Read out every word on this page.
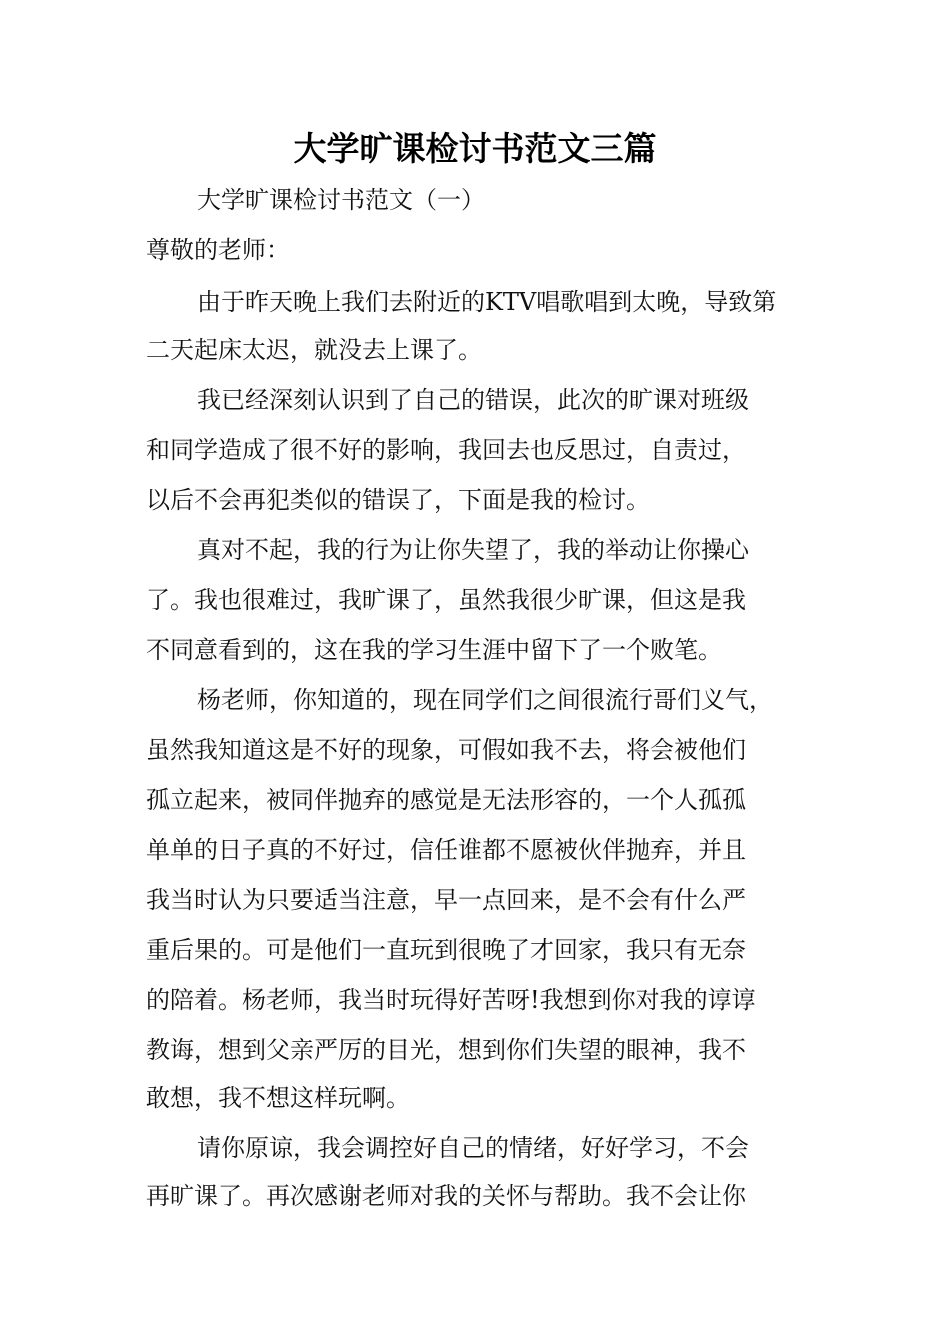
大学旷课检讨书范文三篇

大学旷课检讨书范文（一）

尊敬的老师：

由于昨天晚上我们去附近的KTV唱歌唱到太晚，导致第

二天起床太迟，就没去上课了。

我已经深刻认识到了自己的错误，此次的旷课对班级

和同学造成了很不好的影响，我回去也反思过，自责过，

以后不会再犯类似的错误了，下面是我的检讨。

真对不起，我的行为让你失望了，我的举动让你操心

了。我也很难过，我旷课了，虽然我很少旷课，但这是我

不同意看到的，这在我的学习生涯中留下了一个败笔。

杨老师，你知道的，现在同学们之间很流行哥们义气，

虽然我知道这是不好的现象，可假如我不去，将会被他们

孤立起来，被同伴抛弃的感觉是无法形容的，一个人孤孤

单单的日子真的不好过，信任谁都不愿被伙伴抛弃，并且

我当时认为只要适当注意，早一点回来，是不会有什么严

重后果的。可是他们一直玩到很晚了才回家，我只有无奈

的陪着。杨老师，我当时玩得好苦呀!我想到你对我的谆谆

教诲，想到父亲严厉的目光，想到你们失望的眼神，我不

敢想，我不想这样玩啊。

请你原谅，我会调控好自己的情绪，好好学习，不会

再旷课了。再次感谢老师对我的关怀与帮助。我不会让你
